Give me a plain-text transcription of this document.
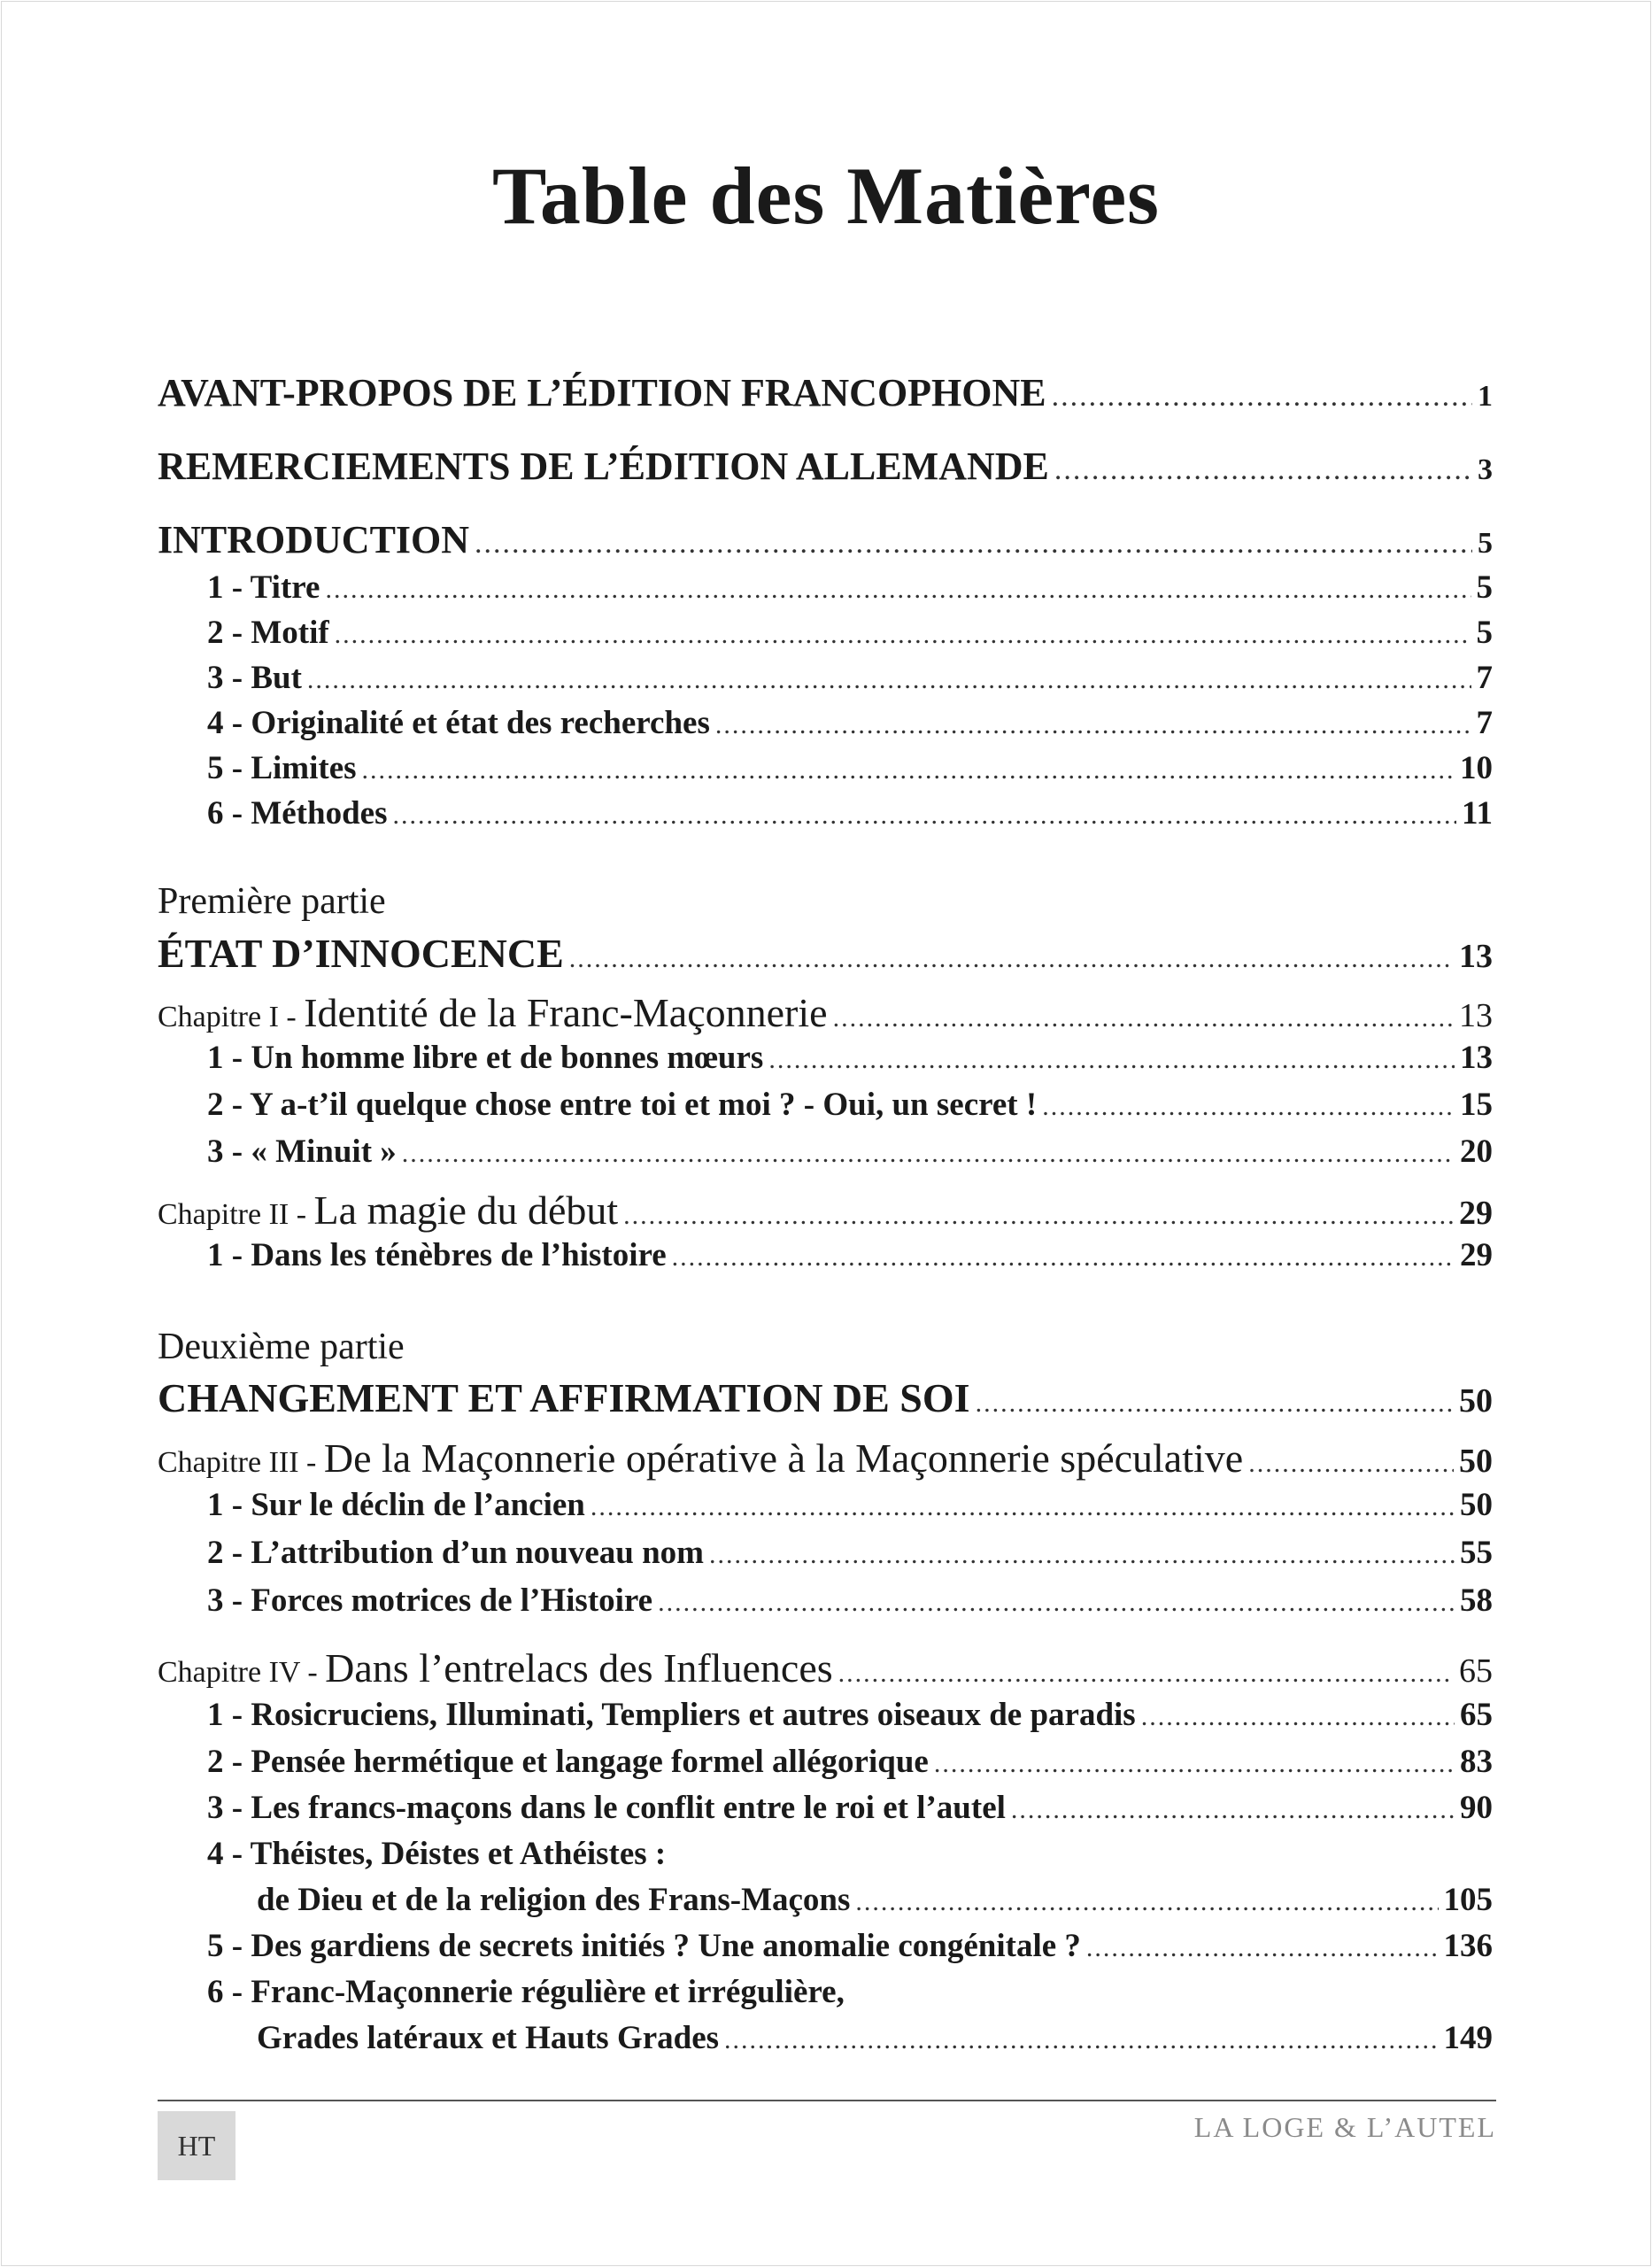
Table des Matières
AVANT-PROPOS DE L’ÉDITION FRANCOPHONE .....	1
REMERCIEMENTS DE L’ÉDITION ALLEMANDE .....	3
INTRODUCTION .....	5
1 - Titre .....	5
2 - Motif .....	5
3 - But .....	7
4 - Originalité et état des recherches .....	7
5 - Limites .....	10
6 - Méthodes .....	11
Première partie
ÉTAT D’INNOCENCE .....	13
Chapitre I - Identité de la Franc-Maçonnerie .....	13
1 - Un homme libre et de bonnes mœurs .....	13
2 - Y a-t’il quelque chose entre toi et moi ? - Oui, un secret ! .....	15
3 - « Minuit » .....	20
Chapitre II - La magie du début .....	29
1 - Dans les ténèbres de l’histoire .....	29
Deuxième partie
CHANGEMENT ET AFFIRMATION DE SOI .....	50
Chapitre III - De la Maçonnerie opérative à la Maçonnerie spéculative .....	50
1 - Sur le déclin de l’ancien .....	50
2 - L’attribution d’un nouveau nom .....	55
3 - Forces motrices de l’Histoire .....	58
Chapitre IV - Dans l’entrelacs des Influences .....	65
1 - Rosicruciens, Illuminati, Templiers et autres oiseaux de paradis .....	65
2 - Pensée hermétique et langage formel allégorique .....	83
3 - Les francs-maçons dans le conflit entre le roi et l’autel .....	90
4 - Théistes, Déistes et Athéistes :
de Dieu et de la religion des Frans-Maçons .....	105
5 - Des gardiens de secrets initiés ? Une anomalie congénitale ? .....	136
6 - Franc-Maçonnerie régulière et irrégulière,
Grades latéraux et Hauts Grades .....	149
HT
LA LOGE & L’AUTEL
